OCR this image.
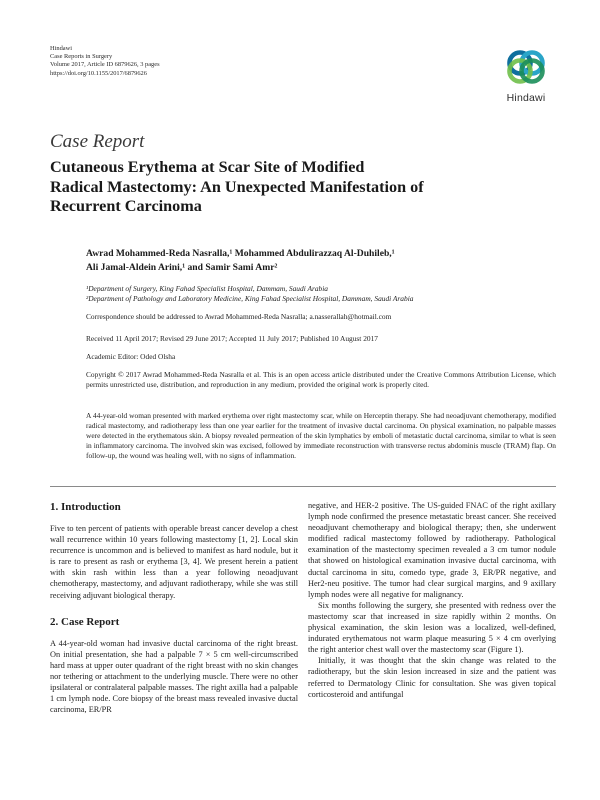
Hindawi
Case Reports in Surgery
Volume 2017, Article ID 6879626, 3 pages
https://doi.org/10.1155/2017/6879626
Hindawi
Case Report
Cutaneous Erythema at Scar Site of Modified
Radical Mastectomy: An Unexpected Manifestation of
Recurrent Carcinoma
Awrad Mohammed-Reda Nasralla,¹ Mohammed Abdulirazzaq Al-Duhileb,¹
Ali Jamal-Aldein Arini,¹ and Samir Sami Amr²
¹Department of Surgery, King Fahad Specialist Hospital, Dammam, Saudi Arabia
²Department of Pathology and Laboratory Medicine, King Fahad Specialist Hospital, Dammam, Saudi Arabia
Correspondence should be addressed to Awrad Mohammed-Reda Nasralla; a.nasserallah@hotmail.com
Received 11 April 2017; Revised 29 June 2017; Accepted 11 July 2017; Published 10 August 2017
Academic Editor: Oded Olsha
Copyright © 2017 Awrad Mohammed-Reda Nasralla et al. This is an open access article distributed under the Creative Commons Attribution License, which permits unrestricted use, distribution, and reproduction in any medium, provided the original work is properly cited.
A 44-year-old woman presented with marked erythema over right mastectomy scar, while on Herceptin therapy. She had neoadjuvant chemotherapy, modified radical mastectomy, and radiotherapy less than one year earlier for the treatment of invasive ductal carcinoma. On physical examination, no palpable masses were detected in the erythematous skin. A biopsy revealed permeation of the skin lymphatics by emboli of metastatic ductal carcinoma, similar to what is seen in inflammatory carcinoma. The involved skin was excised, followed by immediate reconstruction with transverse rectus abdominis muscle (TRAM) flap. On follow-up, the wound was healing well, with no signs of inflammation.
1. Introduction

Five to ten percent of patients with operable breast cancer develop a chest wall recurrence within 10 years following mastectomy [1, 2]. Local skin recurrence is uncommon and is believed to manifest as hard nodule, but it is rare to present as rash or erythema [3, 4]. We present herein a patient with skin rash within less than a year following neoadjuvant chemotherapy, mastectomy, and adjuvant radiotherapy, while she was still receiving adjuvant biological therapy.

2. Case Report

A 44-year-old woman had invasive ductal carcinoma of the right breast. On initial presentation, she had a palpable 7 × 5 cm well-circumscribed hard mass at upper outer quadrant of the right breast with no skin changes nor tethering or attachment to the underlying muscle. There were no other ipsilateral or contralateral palpable masses. The right axilla had a palpable 1 cm lymph node. Core biopsy of the breast mass revealed invasive ductal carcinoma, ER/PR

negative, and HER-2 positive. The US-guided FNAC of the right axillary lymph node confirmed the presence metastatic breast cancer. She received neoadjuvant chemotherapy and biological therapy; then, she underwent modified radical mastectomy followed by radiotherapy. Pathological examination of the mastectomy specimen revealed a 3 cm tumor nodule that showed on histological examination invasive ductal carcinoma, with ductal carcinoma in situ, comedo type, grade 3, ER/PR negative, and Her2-neu positive. The tumor had clear surgical margins, and 9 axillary lymph nodes were all negative for malignancy.

Six months following the surgery, she presented with redness over the mastectomy scar that increased in size rapidly within 2 months. On physical examination, the skin lesion was a localized, well-defined, indurated erythematous not warm plaque measuring 5 × 4 cm overlying the right anterior chest wall over the mastectomy scar (Figure 1).

Initially, it was thought that the skin change was related to the radiotherapy, but the skin lesion increased in size and the patient was referred to Dermatology Clinic for consultation. She was given topical corticosteroid and antifungal
